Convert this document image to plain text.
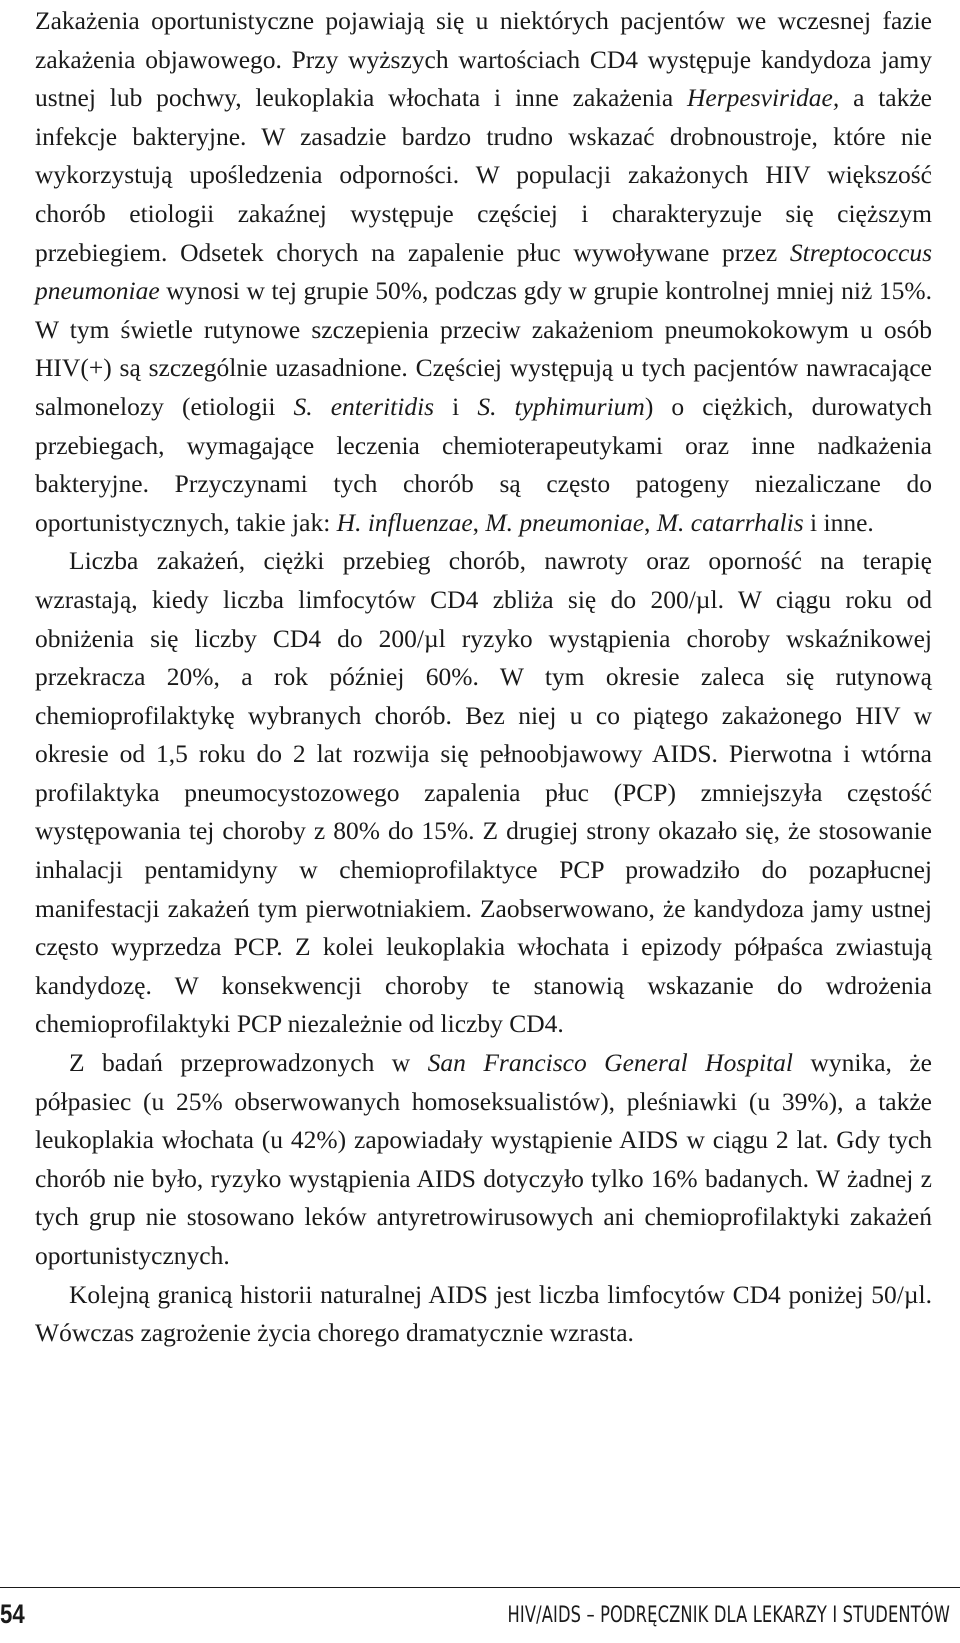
Zakażenia oportunistyczne pojawiają się u niektórych pacjentów we wczesnej fazie zakażenia objawowego. Przy wyższych wartościach CD4 występuje kandydoza jamy ustnej lub pochwy, leukoplakia włochata i inne zakażenia Herpesviridae, a także infekcje bakteryjne. W zasadzie bardzo trudno wskazać drobnoustroje, które nie wykorzystują upośledzenia odporności. W populacji zakażonych HIV większość chorób etiologii zakaźnej występuje częściej i charakteryzuje się cięższym przebiegiem. Odsetek chorych na zapalenie płuc wywoływane przez Streptococcus pneumoniae wynosi w tej grupie 50%, podczas gdy w grupie kontrolnej mniej niż 15%. W tym świetle rutynowe szczepienia przeciw zakażeniom pneumokokowym u osób HIV(+) są szczególnie uzasadnione. Częściej występują u tych pacjentów nawracające salmonelozy (etiologii S. enteritidis i S. typhimurium) o ciężkich, durowatych przebiegach, wymagające leczenia chemioterapeutykami oraz inne nadkażenia bakteryjne. Przyczynami tych chorób są często patogeny niezaliczane do oportunistycznych, takie jak: H. influenzae, M. pneumoniae, M. catarrhalis i inne.

Liczba zakażeń, ciężki przebieg chorób, nawroty oraz oporność na terapię wzrastają, kiedy liczba limfocytów CD4 zbliża się do 200/µl. W ciągu roku od obniżenia się liczby CD4 do 200/µl ryzyko wystąpienia choroby wskaźnikowej przekracza 20%, a rok później 60%. W tym okresie zaleca się rutynową chemioprofilaktykę wybranych chorób. Bez niej u co piątego zakażonego HIV w okresie od 1,5 roku do 2 lat rozwija się pełnoobjawowy AIDS. Pierwotna i wtórna profilaktyka pneumocystozowego zapalenia płuc (PCP) zmniejszyła częstość występowania tej choroby z 80% do 15%. Z drugiej strony okazało się, że stosowanie inhalacji pentamidyny w chemioprofilaktyce PCP prowadziło do pozapłucnej manifestacji zakażeń tym pierwotniakiem. Zaobserwowano, że kandydoza jamy ustnej często wyprzedza PCP. Z kolei leukoplakia włochata i epizody półpaśca zwiastują kandydozę. W konsekwencji choroby te stanowią wskazanie do wdrożenia chemioprofilaktyki PCP niezależnie od liczby CD4.

Z badań przeprowadzonych w San Francisco General Hospital wynika, że półpasiec (u 25% obserwowanych homoseksualistów), pleśniawki (u 39%), a także leukoplakia włochata (u 42%) zapowiadały wystąpienie AIDS w ciągu 2 lat. Gdy tych chorób nie było, ryzyko wystąpienia AIDS dotyczyło tylko 16% badanych. W żadnej z tych grup nie stosowano leków antyretrowirusowych ani chemioprofilaktyki zakażeń oportunistycznych.

Kolejną granicą historii naturalnej AIDS jest liczba limfocytów CD4 poniżej 50/µl. Wówczas zagrożenie życia chorego dramatycznie wzrasta.

54	HIV/AIDS – PODRĘCZNIK DLA LEKARZY I STUDENTÓW
